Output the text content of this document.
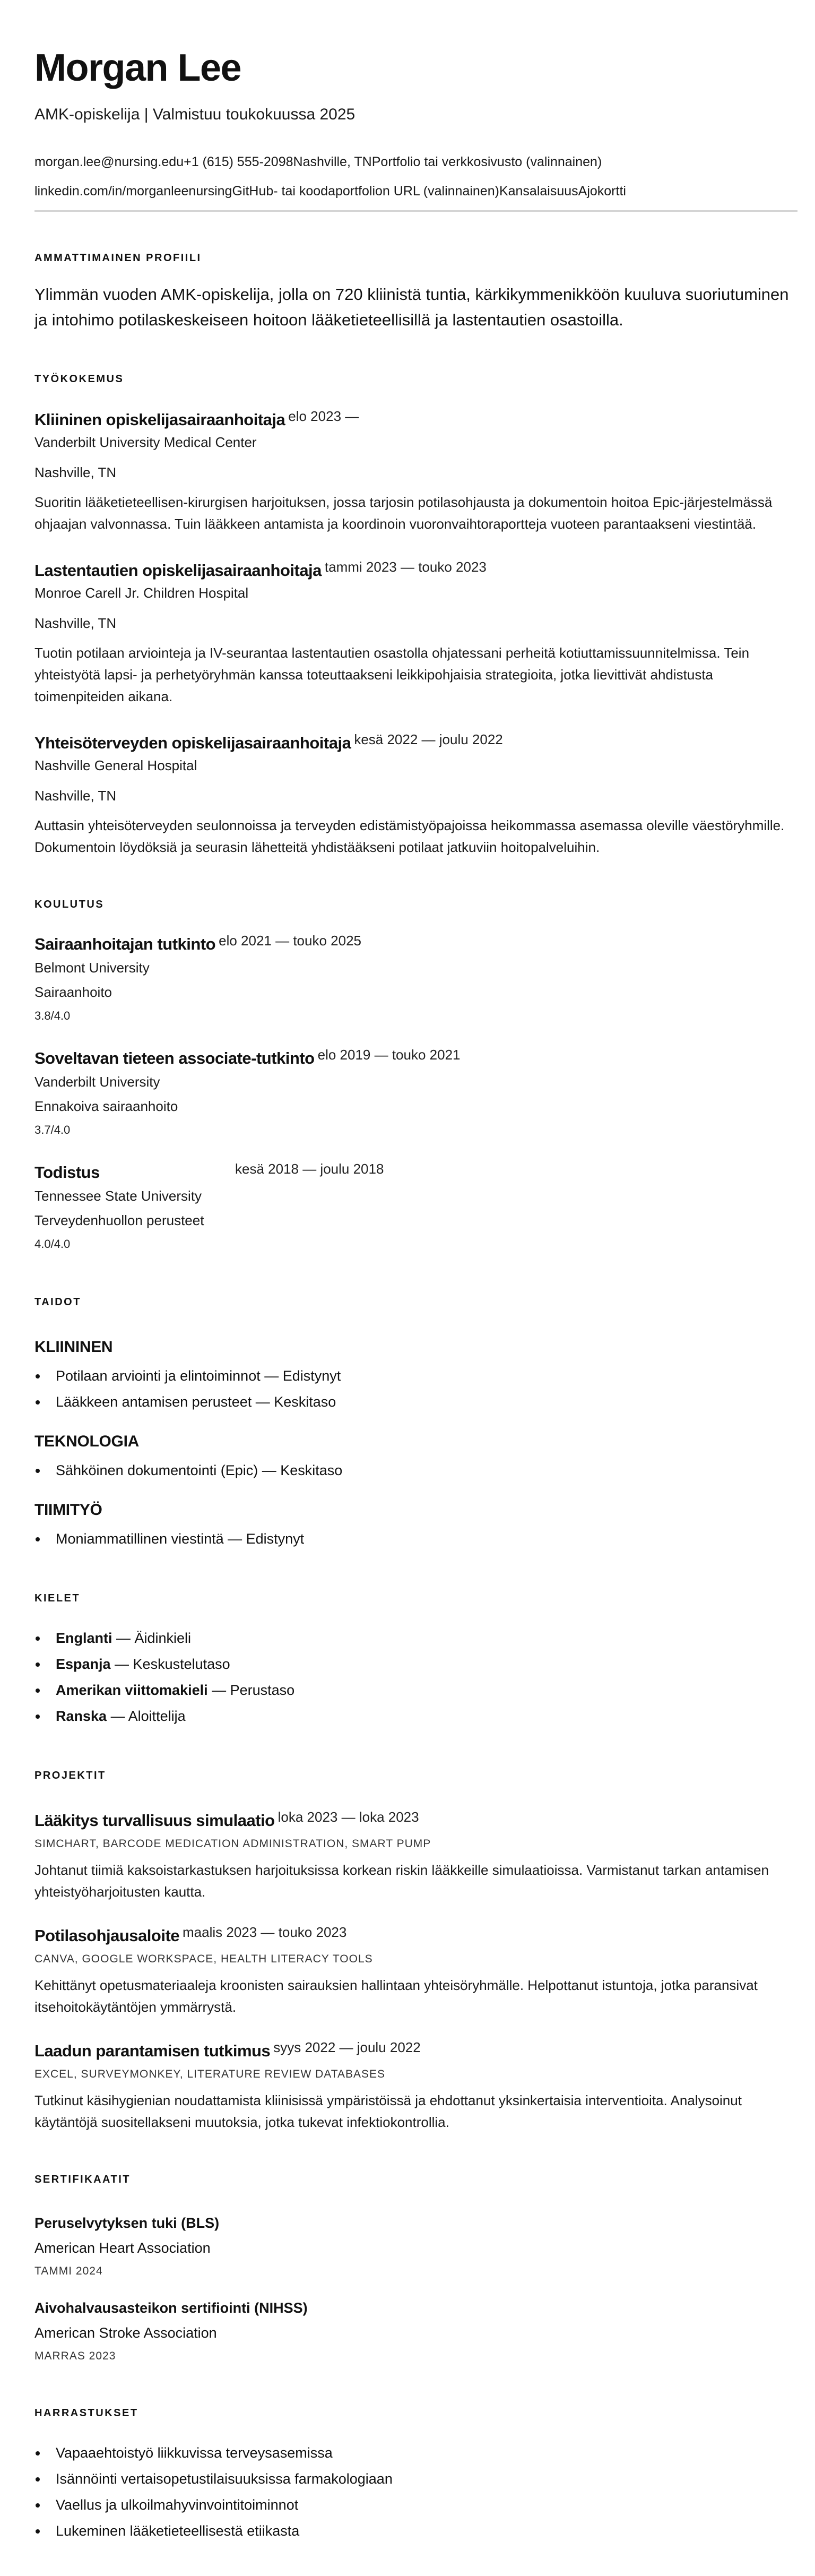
Morgan Lee
AMK-opiskelija | Valmistuu toukokuussa 2025
morgan.lee@nursing.edu+1 (615) 555-2098Nashville, TNPortfolio tai verkkosivusto (valinnainen)
linkedin.com/in/morganleenursingGitHub- tai koodaportfolion URL (valinnainen)KansalaisuusAjokortti
AMMATTIMAINEN PROFIILI
Ylimmän vuoden AMK-opiskelija, jolla on 720 kliinistä tuntia, kärkikymmenikköön kuuluva suoriutuminen ja intohimo potilaskeskeiseen hoitoon lääketieteellisillä ja lastentautien osastoilla.
TYÖKOKEMUS
Kliininen opiskelijasairaanhoitaja $^{elo 2023 —}$
Vanderbilt University Medical Center
Nashville, TN
Suoritin lääketieteellisen-kirurgisen harjoituksen, jossa tarjosin potilasohjausta ja dokumentoin hoitoa Epic-järjestelmässä ohjaajan valvonnassa. Tuin lääkkeen antamista ja koordinoin vuoronvaihtoraportteja vuoteen parantaakseni viestintää.
Lastentautien opiskelijasairaanhoitaja $^{tammi 2023 — touko 2023}$
Monroe Carell Jr. Children Hospital
Nashville, TN
Tuotin potilaan arviointeja ja IV-seurantaa lastentautien osastolla ohjatessani perheitä kotiuttamissuunnitelmissa. Tein yhteistyötä lapsi- ja perhetyöryhmän kanssa toteuttaakseni leikkipohjaisia strategioita, jotka lievittivät ahdistusta toimenpiteiden aikana.
Yhteisöterveyden opiskelijasairaanhoitaja $^{kesä 2022 — joulu 2022}$
Nashville General Hospital
Nashville, TN
Auttasin yhteisöterveyden seulonnoissa ja terveyden edistämistyöpajoissa heikommassa asemassa oleville väestöryhmille. Dokumentoin löydöksiä ja seurasin lähetteitä yhdistääkseni potilaat jatkuviin hoitopalveluihin.
KOULUTUS
Sairaanhoitajan tutkinto $^{elo 2021 — touko 2025}$
Belmont University
Sairaanhoito
3.8/4.0
Soveltavan tieteen associate-tutkinto $^{elo 2019 — touko 2021}$
Vanderbilt University
Ennakoiva sairaanhoito
3.7/4.0
Todistus	$^{kesä 2018 — joulu 2018}$
Tennessee State University
Terveydenhuollon perusteet
4.0/4.0
TAIDOT
KLIININEN
Potilaan arviointi ja elintoiminnot — Edistynyt
Lääkkeen antamisen perusteet — Keskitaso
TEKNOLOGIA
Sähköinen dokumentointi (Epic) — Keskitaso
TIIMITYÖ
Moniammatillinen viestintä — Edistynyt
KIELET
Englanti — Äidinkieli
Espanja — Keskustelutaso
Amerikan viittomakieli — Perustaso
Ranska — Aloittelija
PROJEKTIT
Lääkitys turvallisuus simulaatio $^{loka 2023 — loka 2023}$
SIMCHART, BARCODE MEDICATION ADMINISTRATION, SMART PUMP
Johtanut tiimiä kaksoistarkastuksen harjoituksissa korkean riskin lääkkeille simulaatioissa. Varmistanut tarkan antamisen yhteistyöharjoitusten kautta.
Potilasohjausaloite $^{maalis 2023 — touko 2023}$
CANVA, GOOGLE WORKSPACE, HEALTH LITERACY TOOLS
Kehittänyt opetusmateriaaleja kroonisten sairauksien hallintaan yhteisöryhmälle. Helpottanut istuntoja, jotka paransivat itsehoitokäytäntöjen ymmärrystä.
Laadun parantamisen tutkimus $^{syys 2022 — joulu 2022}$
EXCEL, SURVEYMONKEY, LITERATURE REVIEW DATABASES
Tutkinut käsihygienian noudattamista kliinisissä ympäristöissä ja ehdottanut yksinkertaisia interventioita. Analysoinut käytäntöjä suositellakseni muutoksia, jotka tukevat infektiokontrollia.
SERTIFIKAATIT
Peruselvytyksen tuki (BLS)
American Heart Association
TAMMI 2024
Aivohalvausasteikon sertifiointi (NIHSS)
American Stroke Association
MARRAS 2023
HARRASTUKSET
Vapaaehtoistyö liikkuvissa terveysasemissa
Isännöinti vertaisopetustilaisuuksissa farmakologiaan
Vaellus ja ulkoilmahyvinvointitoiminnot
Lukeminen lääketieteellisestä etiikasta
